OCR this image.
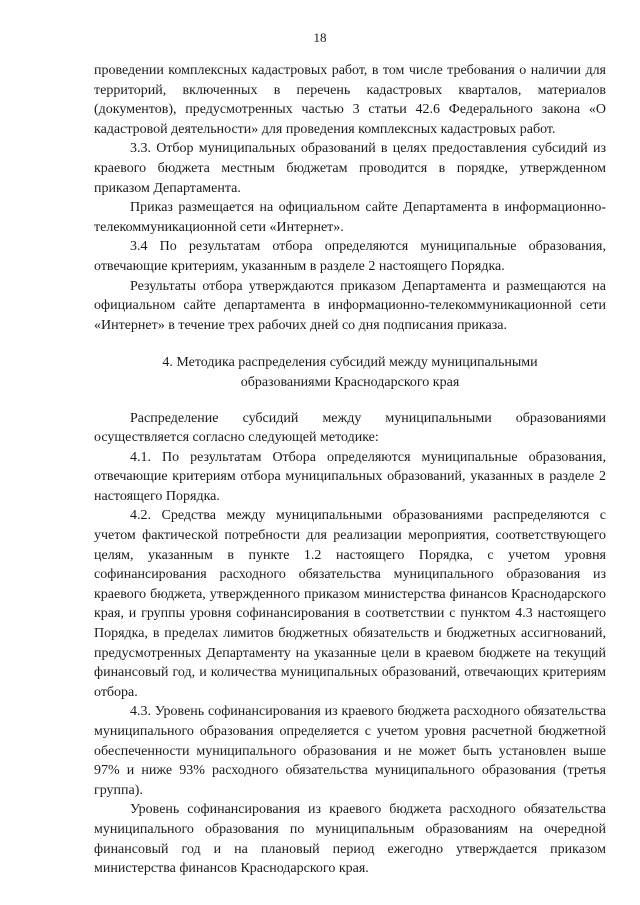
18

проведении комплексных кадастровых работ, в том числе требования о наличии для территорий, включенных в перечень кадастровых кварталов, материалов (документов), предусмотренных частью 3 статьи 42.6 Федерального закона «О кадастровой деятельности» для проведения комплексных кадастровых работ.

3.3. Отбор муниципальных образований в целях предоставления субсидий из краевого бюджета местным бюджетам проводится в порядке, утвержденном приказом Департамента.

Приказ размещается на официальном сайте Департамента в информационно-телекоммуникационной сети «Интернет».

3.4 По результатам отбора определяются муниципальные образования, отвечающие критериям, указанным в разделе 2 настоящего Порядка.

Результаты отбора утверждаются приказом Департамента и размещаются на официальном сайте департамента в информационно-телекоммуникационной сети «Интернет» в течение трех рабочих дней со дня подписания приказа.

4. Методика распределения субсидий между муниципальными
образованиями Краснодарского края

Распределение субсидий между муниципальными образованиями осуществляется согласно следующей методике:

4.1. По результатам Отбора определяются муниципальные образования, отвечающие критериям отбора муниципальных образований, указанных в разделе 2 настоящего Порядка.

4.2. Средства между муниципальными образованиями распределяются с учетом фактической потребности для реализации мероприятия, соответствующего целям, указанным в пункте 1.2 настоящего Порядка, с учетом уровня софинансирования расходного обязательства муниципального образования из краевого бюджета, утвержденного приказом министерства финансов Краснодарского края, и группы уровня софинансирования в соответствии с пунктом 4.3 настоящего Порядка, в пределах лимитов бюджетных обязательств и бюджетных ассигнований, предусмотренных Департаменту на указанные цели в краевом бюджете на текущий финансовый год, и количества муниципальных образований, отвечающих критериям отбора.

4.3. Уровень софинансирования из краевого бюджета расходного обязательства муниципального образования определяется с учетом уровня расчетной бюджетной обеспеченности муниципального образования и не может быть установлен выше 97% и ниже 93% расходного обязательства муниципального образования (третья группа).

Уровень софинансирования из краевого бюджета расходного обязательства муниципального образования по муниципальным образованиям на очередной финансовый год и на плановый период ежегодно утверждается приказом министерства финансов Краснодарского края.
